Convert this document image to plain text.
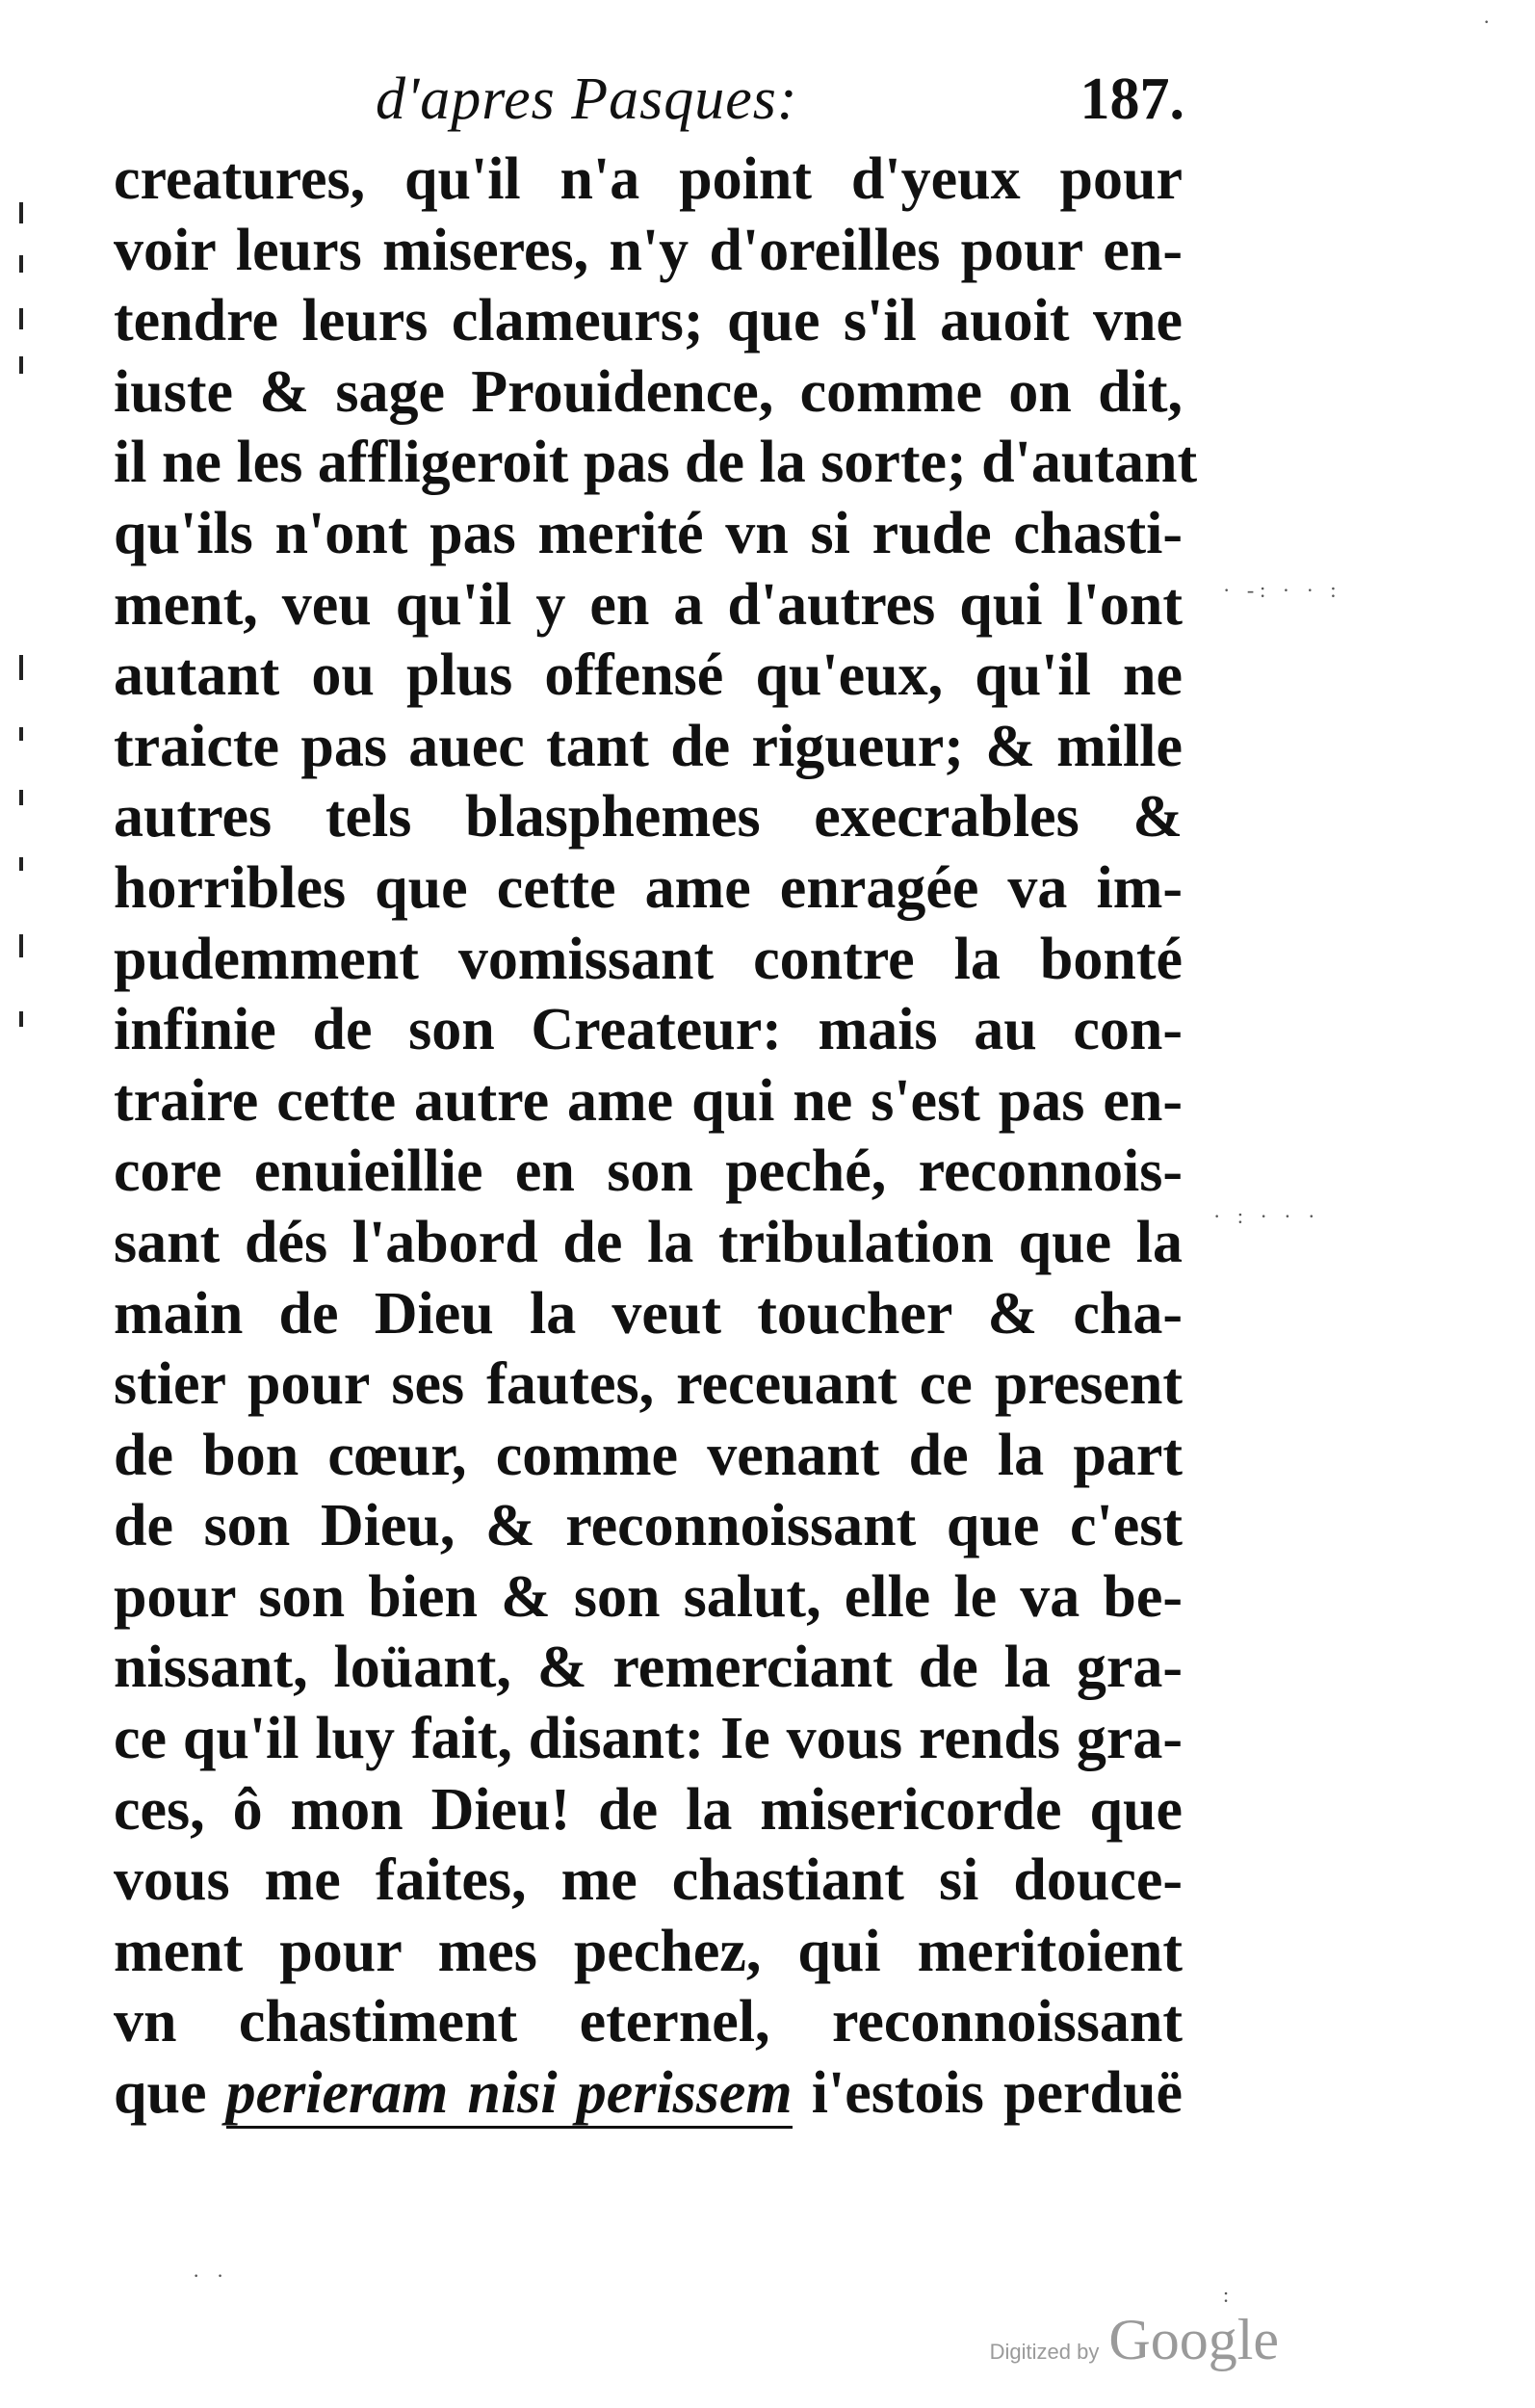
d'apres Pasques:	187.
· -: · · :
· : · · ·
·
· ·
:
creatures, qu'il n'a point d'yeux pour
voir leurs miseres, n'y d'oreilles pour en-
tendre leurs clameurs; que s'il auoit vne
iuste & sage Prouidence, comme on dit,
il ne les affligeroit pas de la sorte; d'autant
qu'ils n'ont pas merité vn si rude chasti-
ment, veu qu'il y en a d'autres qui l'ont
autant ou plus offensé qu'eux, qu'il ne
traicte pas auec tant de rigueur; & mille
autres tels blasphemes execrables &
horribles que cette ame enragée va im-
pudemment vomissant contre la bonté
infinie de son Createur: mais au con-
traire cette autre ame qui ne s'est pas en-
core enuieillie en son peché, reconnois-
sant dés l'abord de la tribulation que la
main de Dieu la veut toucher & cha-
stier pour ses fautes, receuant ce present
de bon cœur, comme venant de la part
de son Dieu, & reconnoissant que c'est
pour son bien & son salut, elle le va be-
nissant, loüant, & remerciant de la gra-
ce qu'il luy fait, disant: Ie vous rends gra-
ces, ô mon Dieu! de la misericorde que
vous me faites, me chastiant si douce-
ment pour mes pechez, qui meritoient
vn chastiment eternel, reconnoissant
que perieram nisi perissem i'estois perduë
Digitized by Google
